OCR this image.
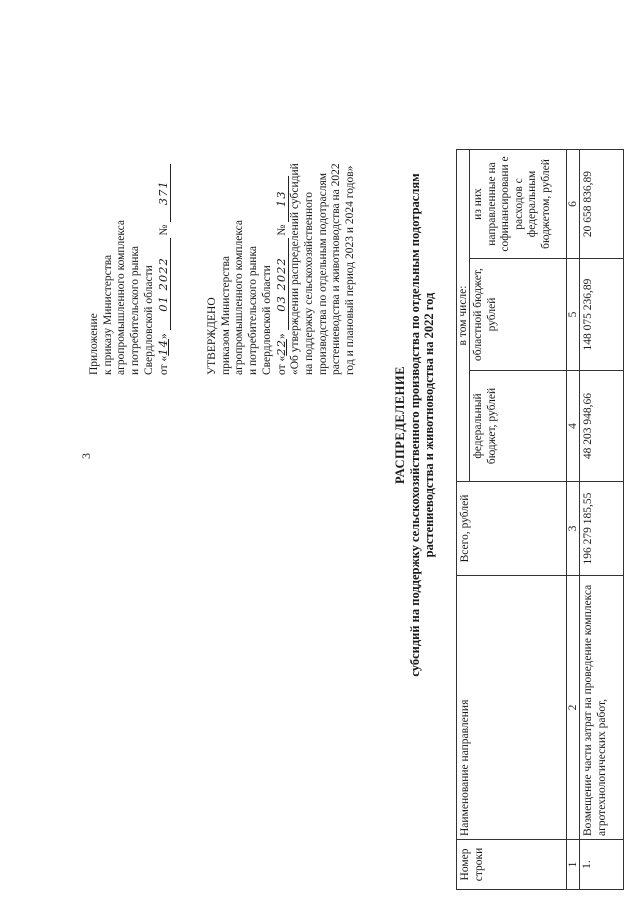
3
Приложение к приказу Министерства агропромышленного комплекса и потребительского рынка Свердловской области от «14» 01 2022 № 371
УТВЕРЖДЕНО приказом Министерства агропромышленного комплекса и потребительского рынка Свердловской области от «22» 03 2022 № 13 «Об утверждении распределений субсидий на поддержку сельскохозяйственного производства по отдельным подотраслям растениеводства и животноводства на 2022 год и плановый период 2023 и 2024 годов»
РАСПРЕДЕЛЕНИЕ субсидий на поддержку сельскохозяйственного производства по отдельным подотраслям растениеводства и животноводства на 2022 год
Номер строки	Наименование направления	Всего, рублей	в том числе:		
			федеральный бюджет, рублей	областной бюджет, рублей	из них направленные на софинансировани е расходов с федеральным бюджетом, рублей
1	2	3	4	5	6
1.	Возмещение части затрат на проведение комплекса агротехнологических работ,	196 279 185,55	48 203 948,66	148 075 236,89	20 658 836,89
